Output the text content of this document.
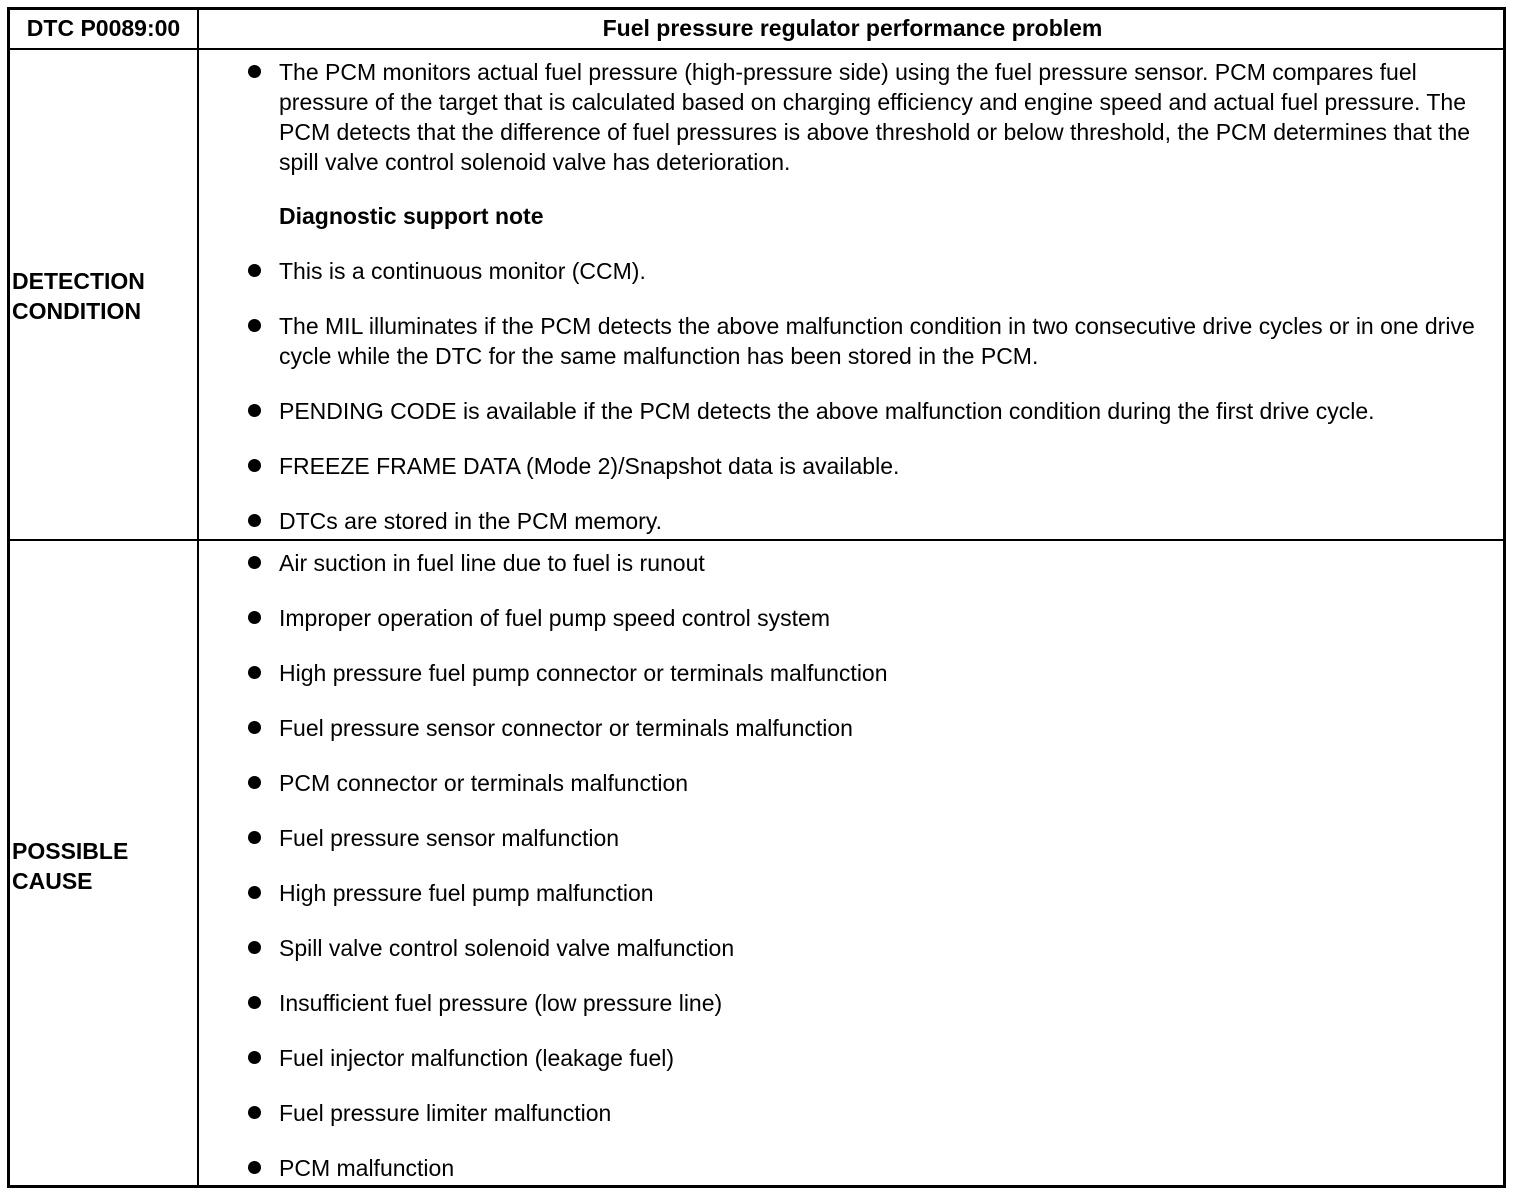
DTC P0089:00	Fuel pressure regulator performance problem
DETECTION
CONDITION
The PCM monitors actual fuel pressure (high-pressure side) using the fuel pressure sensor. PCM compares fuel pressure of the target that is calculated based on charging efficiency and engine speed and actual fuel pressure. The PCM detects that the difference of fuel pressures is above threshold or below threshold, the PCM determines that the spill valve control solenoid valve has deterioration.
Diagnostic support note
This is a continuous monitor (CCM).
The MIL illuminates if the PCM detects the above malfunction condition in two consecutive drive cycles or in one drive cycle while the DTC for the same malfunction has been stored in the PCM.
PENDING CODE is available if the PCM detects the above malfunction condition during the first drive cycle.
FREEZE FRAME DATA (Mode 2)/Snapshot data is available.
DTCs are stored in the PCM memory.
POSSIBLE
CAUSE
Air suction in fuel line due to fuel is runout
Improper operation of fuel pump speed control system
High pressure fuel pump connector or terminals malfunction
Fuel pressure sensor connector or terminals malfunction
PCM connector or terminals malfunction
Fuel pressure sensor malfunction
High pressure fuel pump malfunction
Spill valve control solenoid valve malfunction
Insufficient fuel pressure (low pressure line)
Fuel injector malfunction (leakage fuel)
Fuel pressure limiter malfunction
PCM malfunction
